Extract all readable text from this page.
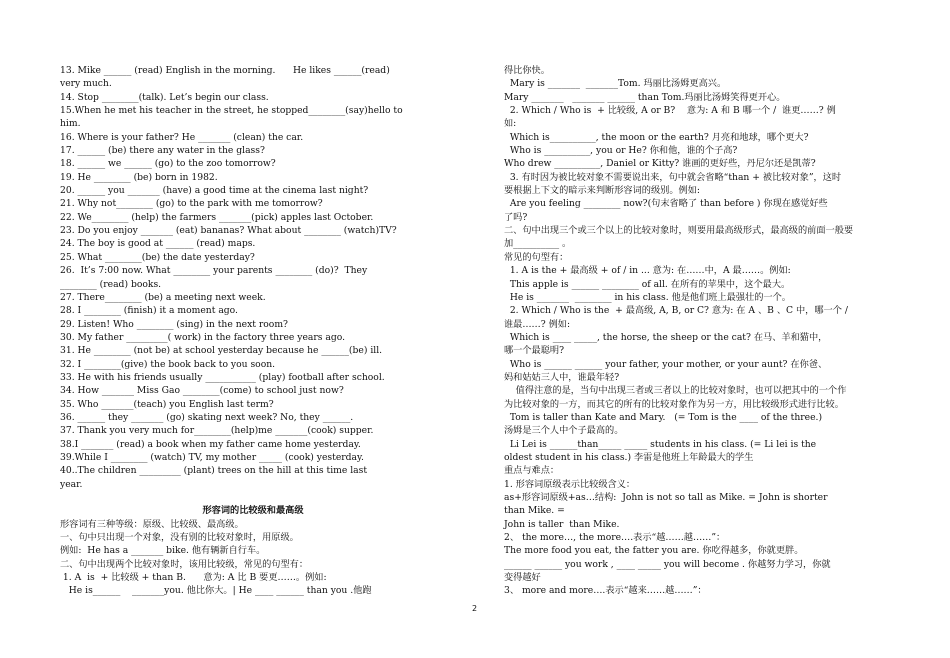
13. Mike ______ (read) English in the morning.      He likes ______(read)
very much.
14. Stop ________(talk). Let’s begin our class.
15.When he met his teacher in the street, he stopped________(say)hello to
him.
16. Where is your father? He _______ (clean) the car.
17. ______ (be) there any water in the glass?
18. ______ we ______ (go) to the zoo tomorrow?
19. He ________ (be) born in 1982.
20. ______ you _______ (have) a good time at the cinema last night?
21. Why not________ (go) to the park with me tomorrow?
22. We________ (help) the farmers _______(pick) apples last October.
23. Do you enjoy _______ (eat) bananas? What about ________ (watch)TV?
24. The boy is good at ______ (read) maps.
25. What ________(be) the date yesterday?
26.  It’s 7:00 now. What ________ your parents ________ (do)?  They
________ (read) books.
27. There________ (be) a meeting next week.
28. I ________ (finish) it a moment ago.
29. Listen! Who ________ (sing) in the next room?
30. My father _________( work) in the factory three years ago.
31. He ________ (not be) at school yesterday because he ______(be) ill.
32. I ________(give) the book back to you soon.
33. He with his friends usually ___________ (play) football after school.
34. How _______ Miss Gao ________(come) to school just now?
35. Who _______(teach) you English last term?
36. ______ they _______ (go) skating next week? No, they ______.
37. Thank you very much for________(help)me _______(cook) supper.
38.I _______ (read) a book when my father came home yesterday.
39.While I ________ (watch) TV, my mother _____ (cook) yesterday.
40..The children _________ (plant) trees on the hill at this time last
year.
形容词的比较级和最高级
形容词有三种等级：原级、比较级、最高级。
一、句中只出现一个对象，没有别的比较对象时，用原级。
例如:  He has a _______ bike. 他有辆新自行车。
二、句中出现两个比较对象时，该用比较级，常见的句型有：
1. A  is  + 比较级 + than B.      意为: A 比 B 要更……。例如:
He is______    _______you. 他比你大。| He ____ ______ than you .他跑
得比你快。
Mary is _______  _______Tom. 玛丽比汤姆更高兴。
Mary _______   _______ ______ than Tom.玛丽比汤姆笑得更开心。
2. Which / Who is  + 比较级, A or B?    意为: A 和 B 哪一个 /  谁更……? 例
如:
Which is__________, the moon or the earth? 月亮和地球，哪个更大?
Who is __________, you or He? 你和他，谁的个子高?
Who drew __________, Daniel or Kitty? 谁画的更好些，丹尼尔还是凯蒂?
3. 有时因为被比较对象不需要说出来，句中就会省略“than + 被比较对象”，这时
要根据上下文的暗示来判断形容词的级别。例如:
Are you feeling ________ now?(句末省略了 than before ) 你现在感觉好些
了吗?
二、句中出现三个或三个以上的比较对象时，则要用最高级形式，最高级的前面一般要
加__________ 。
常见的句型有：
1. A is the + 最高级 + of / in ... 意为: 在……中，A 最……。例如:
This apple is ______ ________ of all. 在所有的苹果中，这个最大。
He is _______  ________ in his class. 他是他们班上最强壮的一个。
2. Which / Who is the  + 最高级, A, B, or C? 意为: 在 A 、B 、C 中，哪一个 /
谁最……? 例如:
Which is ____ _____, the horse, the sheep or the cat? 在马、羊和猫中，
哪一个最聪明?
Who is ______ ______ your father, your mother, or your aunt? 在你爸、
妈和姑姑三人中，谁最年轻?
值得注意的是，当句中出现三者或三者以上的比较对象时，也可以把其中的一个作
为比较对象的一方，而其它的所有的比较对象作为另一方，用比较级形式进行比较。
Tom is taller than Kate and Mary.   (= Tom is the ____ of the three.)
汤姆是三个人中个子最高的。
Li Lei is ______than_____ _____ students in his class. (= Li lei is the
oldest student in his class.) 李雷是他班上年龄最大的学生
重点与难点：
1. 形容词原级表示比较级含义：
as+形容词原级+as…结构:  John is not so tall as Mike. = John is shorter
than Mike. =
John is taller  than Mike.
2、 the more…, the more….表示“越……越……”：
The more food you eat, the fatter you are. 你吃得越多，你就更胖。
______ ______ you work , ____ _____ you will become . 你越努力学习，你就
变得越好
3、 more and more….表示“越来……越……”：
2
